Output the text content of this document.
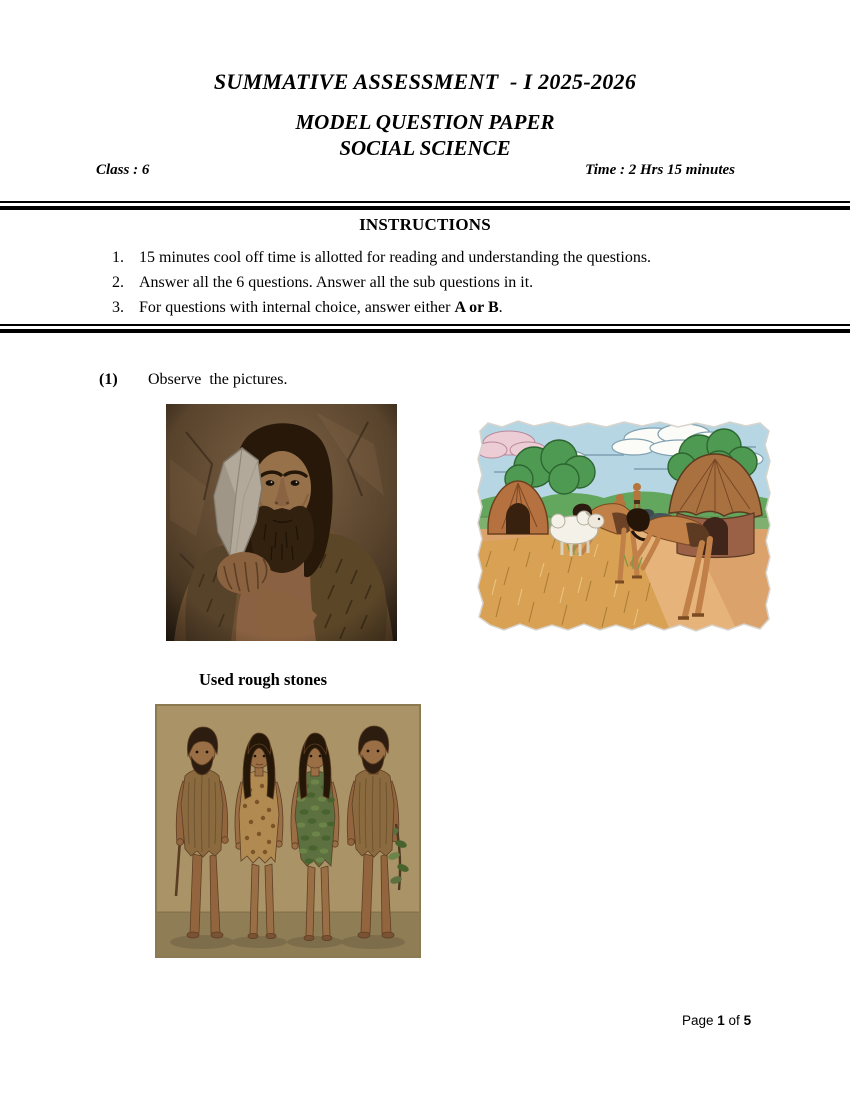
SUMMATIVE ASSESSMENT  - I 2025-2026
MODEL QUESTION PAPER
SOCIAL SCIENCE
Class : 6	Time : 2 Hrs 15 minutes
INSTRUCTIONS
1. 15 minutes cool off time is allotted for reading and understanding the questions.
2. Answer all the 6 questions. Answer all the sub questions in it.
3. For questions with internal choice, answer either A or B.
(1) Observe  the pictures.
Used rough stones
Page 1 of 5
